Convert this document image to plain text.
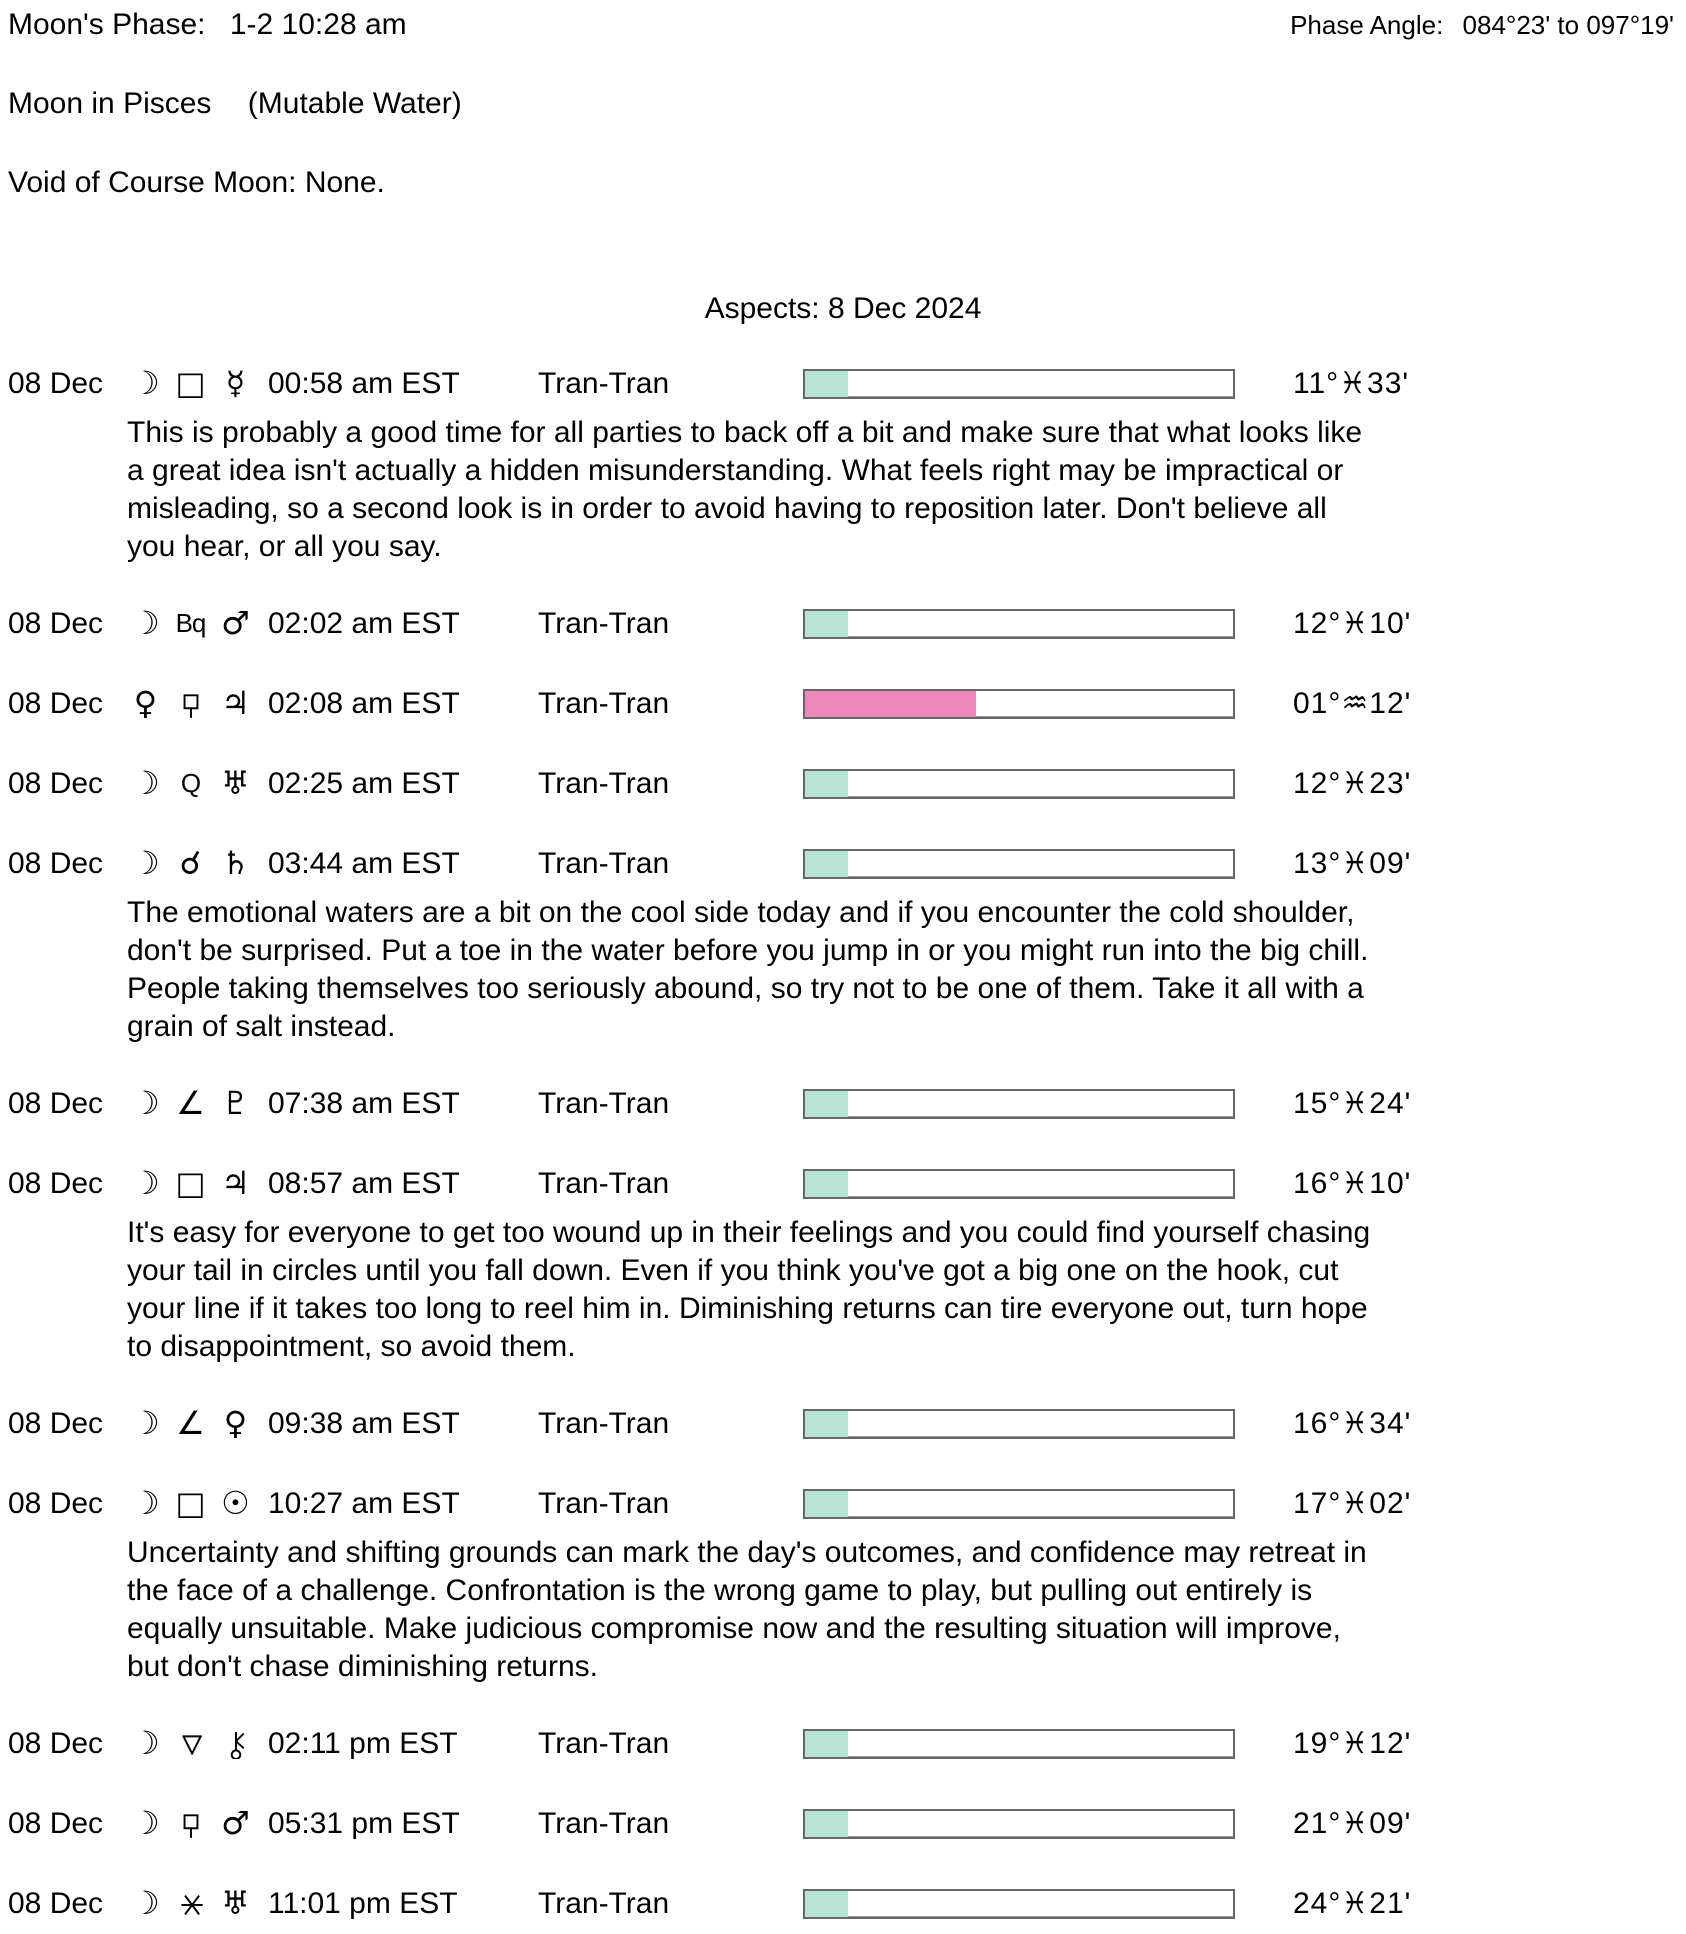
Moon's Phase: 1-2 10:28 am	Phase Angle: 084°23' to 097°19'
Moon in Pisces (Mutable Water)
Void of Course Moon: None.
Aspects: 8 Dec 2024
08 Dec ☽ □ ☿ 00:58 am EST	Tran-Tran	11°♓33'
This is probably a good time for all parties to back off a bit and make sure that what looks like
a great idea isn't actually a hidden misunderstanding. What feels right may be impractical or
misleading, so a second look is in order to avoid having to reposition later. Don't believe all
you hear, or all you say.
08 Dec ☽ Bq ♂ 02:02 am EST	Tran-Tran	12°♓10'
08 Dec ♀	♃ 02:08 am EST	Tran-Tran	01°♒12'
08 Dec ☽ Q ♅ 02:25 am EST	Tran-Tran	12°♓23'
08 Dec ☽ ☌ ♄ 03:44 am EST	Tran-Tran	13°♓09'
The emotional waters are a bit on the cool side today and if you encounter the cold shoulder,
don't be surprised. Put a toe in the water before you jump in or you might run into the big chill.
People taking themselves too seriously abound, so try not to be one of them. Take it all with a
grain of salt instead.
08 Dec ☽ ∠ ♇ 07:38 am EST	Tran-Tran	15°♓24'
08 Dec ☽ □ ♃ 08:57 am EST	Tran-Tran	16°♓10'
It's easy for everyone to get too wound up in their feelings and you could find yourself chasing
your tail in circles until you fall down. Even if you think you've got a big one on the hook, cut
your line if it takes too long to reel him in. Diminishing returns can tire everyone out, turn hope
to disappointment, so avoid them.
08 Dec ☽ ∠ ♀ 09:38 am EST	Tran-Tran	16°♓34'
08 Dec ☽ □ ☉ 10:27 am EST	Tran-Tran	17°♓02'
Uncertainty and shifting grounds can mark the day's outcomes, and confidence may retreat in
the face of a challenge. Confrontation is the wrong game to play, but pulling out entirely is
equally unsuitable. Make judicious compromise now and the resulting situation will improve,
but don't chase diminishing returns.
08 Dec ☽	02:11 pm EST	Tran-Tran	19°♓12'
08 Dec ☽ ♂ 05:31 pm EST	Tran-Tran	21°♓09'
08 Dec ☽ ♅ 11:01 pm EST	Tran-Tran	24°♓21'
